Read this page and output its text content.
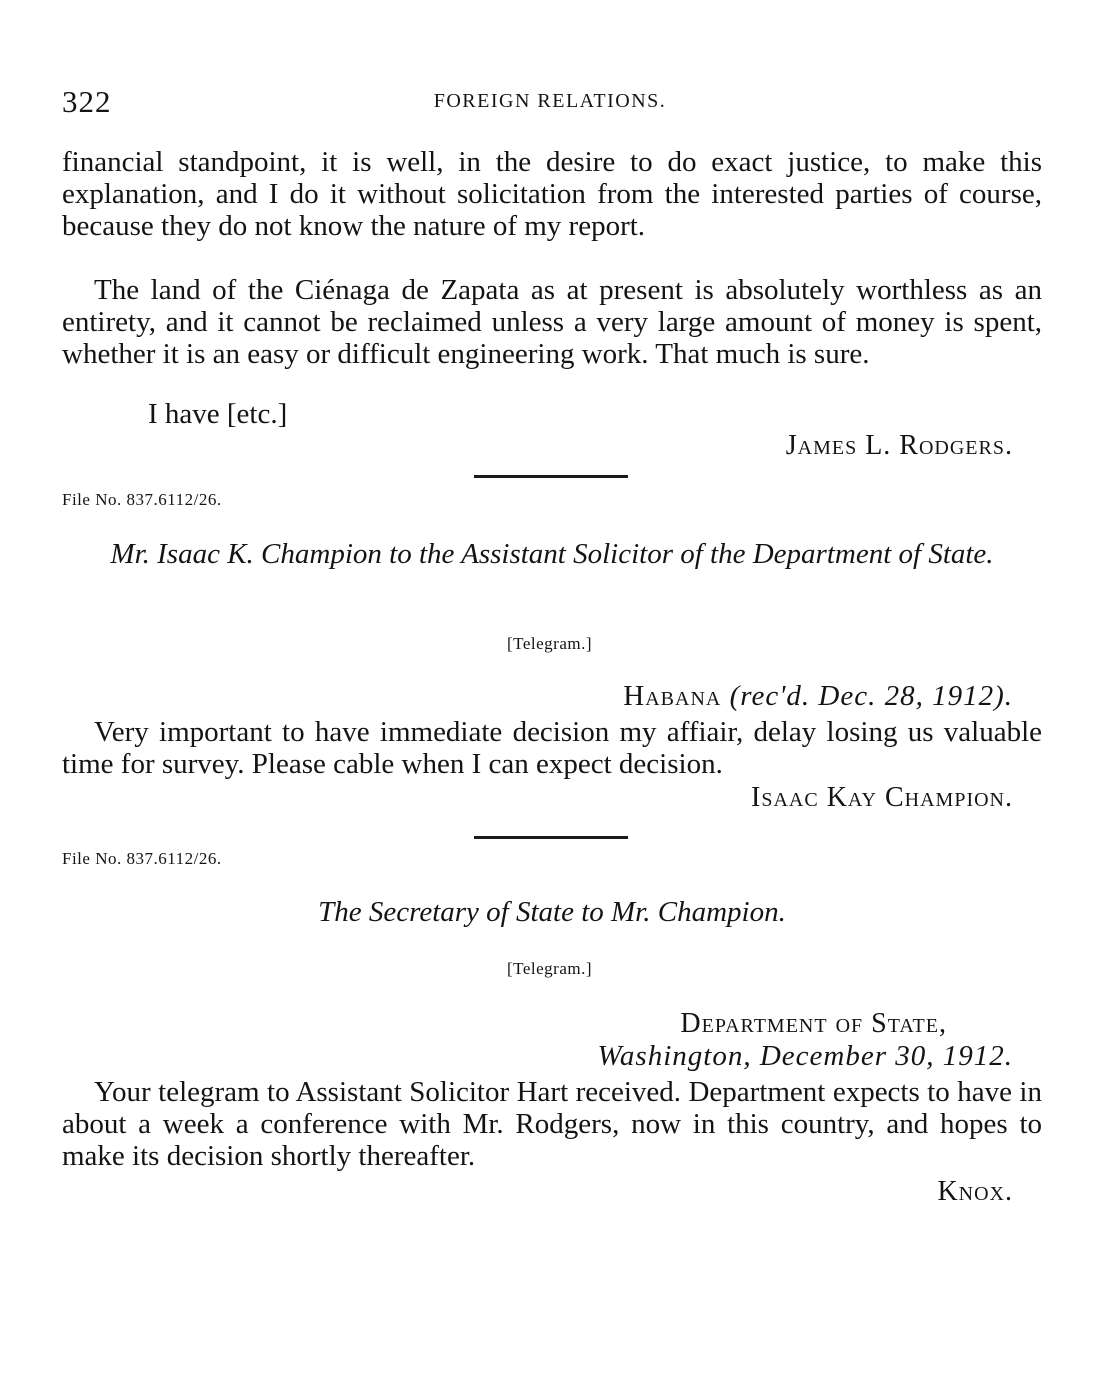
322	FOREIGN RELATIONS.

financial standpoint, it is well, in the desire to do exact justice, to make this explanation, and I do it without solicitation from the interested parties of course, because they do not know the nature of my report.

The land of the Ciénaga de Zapata as at present is absolutely worthless as an entirety, and it cannot be reclaimed unless a very large amount of money is spent, whether it is an easy or difficult engineering work. That much is sure.

I have [etc.]
James L. Rodgers.
File No. 837.6112/26.
Mr. Isaac K. Champion to the Assistant Solicitor of the Department of State.
[Telegram.]
Habana (rec'd. Dec. 28, 1912).

Very important to have immediate decision my affiair, delay losing us valuable time for survey. Please cable when I can expect decision.

Isaac Kay Champion.
File No. 837.6112/26.
The Secretary of State to Mr. Champion.
[Telegram.]
Department of State,
Washington, December 30, 1912.

Your telegram to Assistant Solicitor Hart received. Department expects to have in about a week a conference with Mr. Rodgers, now in this country, and hopes to make its decision shortly thereafter.

Knox.
